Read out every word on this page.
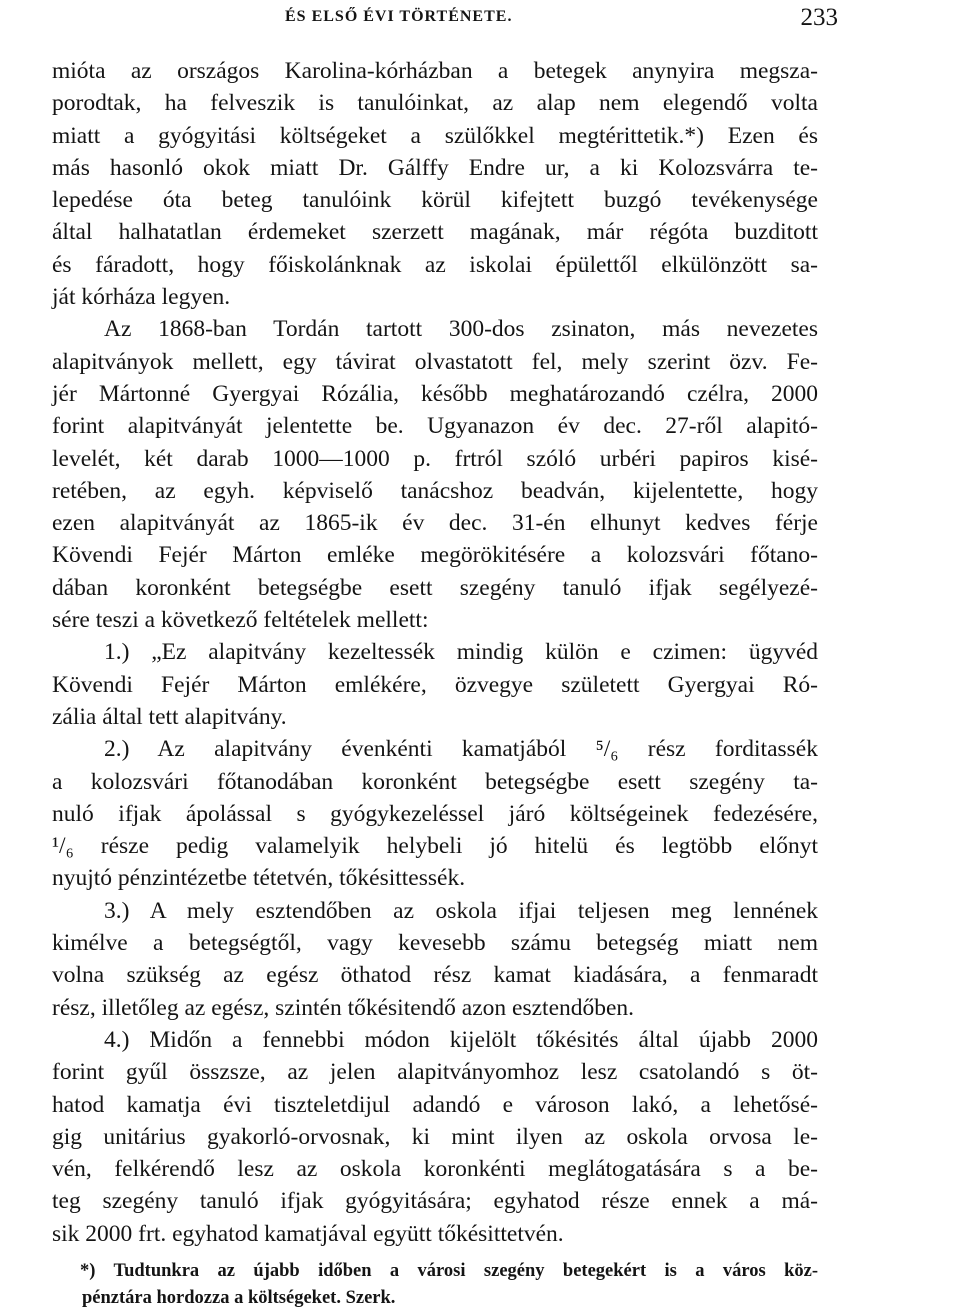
ÉS ELSŐ ÉVI TÖRTÉNETE.	233
mióta az országos Karolina-kórházban a betegek anynyira megsza-
porodtak, ha felveszik is tanulóinkat, az alap nem elegendő volta
miatt a gyógyitási költségeket a szülőkkel megtérittetik.*) Ezen és
más hasonló okok miatt Dr. Gálffy Endre ur, a ki Kolozsvárra te-
lepedése óta beteg tanulóink körül kifejtett buzgó tevékenysége
által halhatatlan érdemeket szerzett magának, már régóta buzditott
és fáradott, hogy főiskolánknak az iskolai épülettől elkülönzött sa-
ját kórháza legyen.
Az 1868-ban Tordán tartott 300-dos zsinaton, más nevezetes
alapitványok mellett, egy távirat olvastatott fel, mely szerint özv. Fe-
jér Mártonné Gyergyai Rózália, később meghatározandó czélra, 2000
forint alapitványát jelentette be. Ugyanazon év dec. 27-ről alapitó-
levelét, két darab 1000—1000 p. frtról szóló urbéri papiros kisé-
retében, az egyh. képviselő tanácshoz beadván, kijelentette, hogy
ezen alapitványát az 1865-ik év dec. 31-én elhunyt kedves férje
Kövendi Fejér Márton emléke megörökitésére a kolozsvári főtano-
dában koronként betegségbe esett szegény tanuló ifjak segélyezé-
sére teszi a következő feltételek mellett:
1.) „Ez alapitvány kezeltessék mindig külön e czimen: ügyvéd
Kövendi Fejér Márton emlékére, özvegye született Gyergyai Ró-
zália által tett alapitvány.
2.) Az alapitvány évenkénti kamatjából ⁵/₆ rész forditassék
a kolozsvári főtanodában koronként betegségbe esett szegény ta-
nuló ifjak ápolással s gyógykezeléssel járó költségeinek fedezésére,
¹/₆ része pedig valamelyik helybeli jó hitelü és legtöbb előnyt
nyujtó pénzintézetbe tétetvén, tőkésittessék.
3.) A mely esztendőben az oskola ifjai teljesen meg lennének
kimélve a betegségtől, vagy kevesebb számu betegség miatt nem
volna szükség az egész öthatod rész kamat kiadására, a fenmaradt
rész, illetőleg az egész, szintén tőkésitendő azon esztendőben.
4.) Midőn a fennebbi módon kijelölt tőkésités által újabb 2000
forint gyűl összsze, az jelen alapitványomhoz lesz csatolandó s öt-
hatod kamatja évi tiszteletdijul adandó e városon lakó, a lehetősé-
gig unitárius gyakorló-orvosnak, ki mint ilyen az oskola orvosa le-
vén, felkérendő lesz az oskola koronkénti meglátogatására s a be-
teg szegény tanuló ifjak gyógyitására; egyhatod része ennek a má-
sik 2000 frt. egyhatod kamatjával együtt tőkésittetvén.
*) Tudtunkra az újabb időben a városi szegény betegekért is a város köz-
pénztára hordozza a költségeket. Szerk.
